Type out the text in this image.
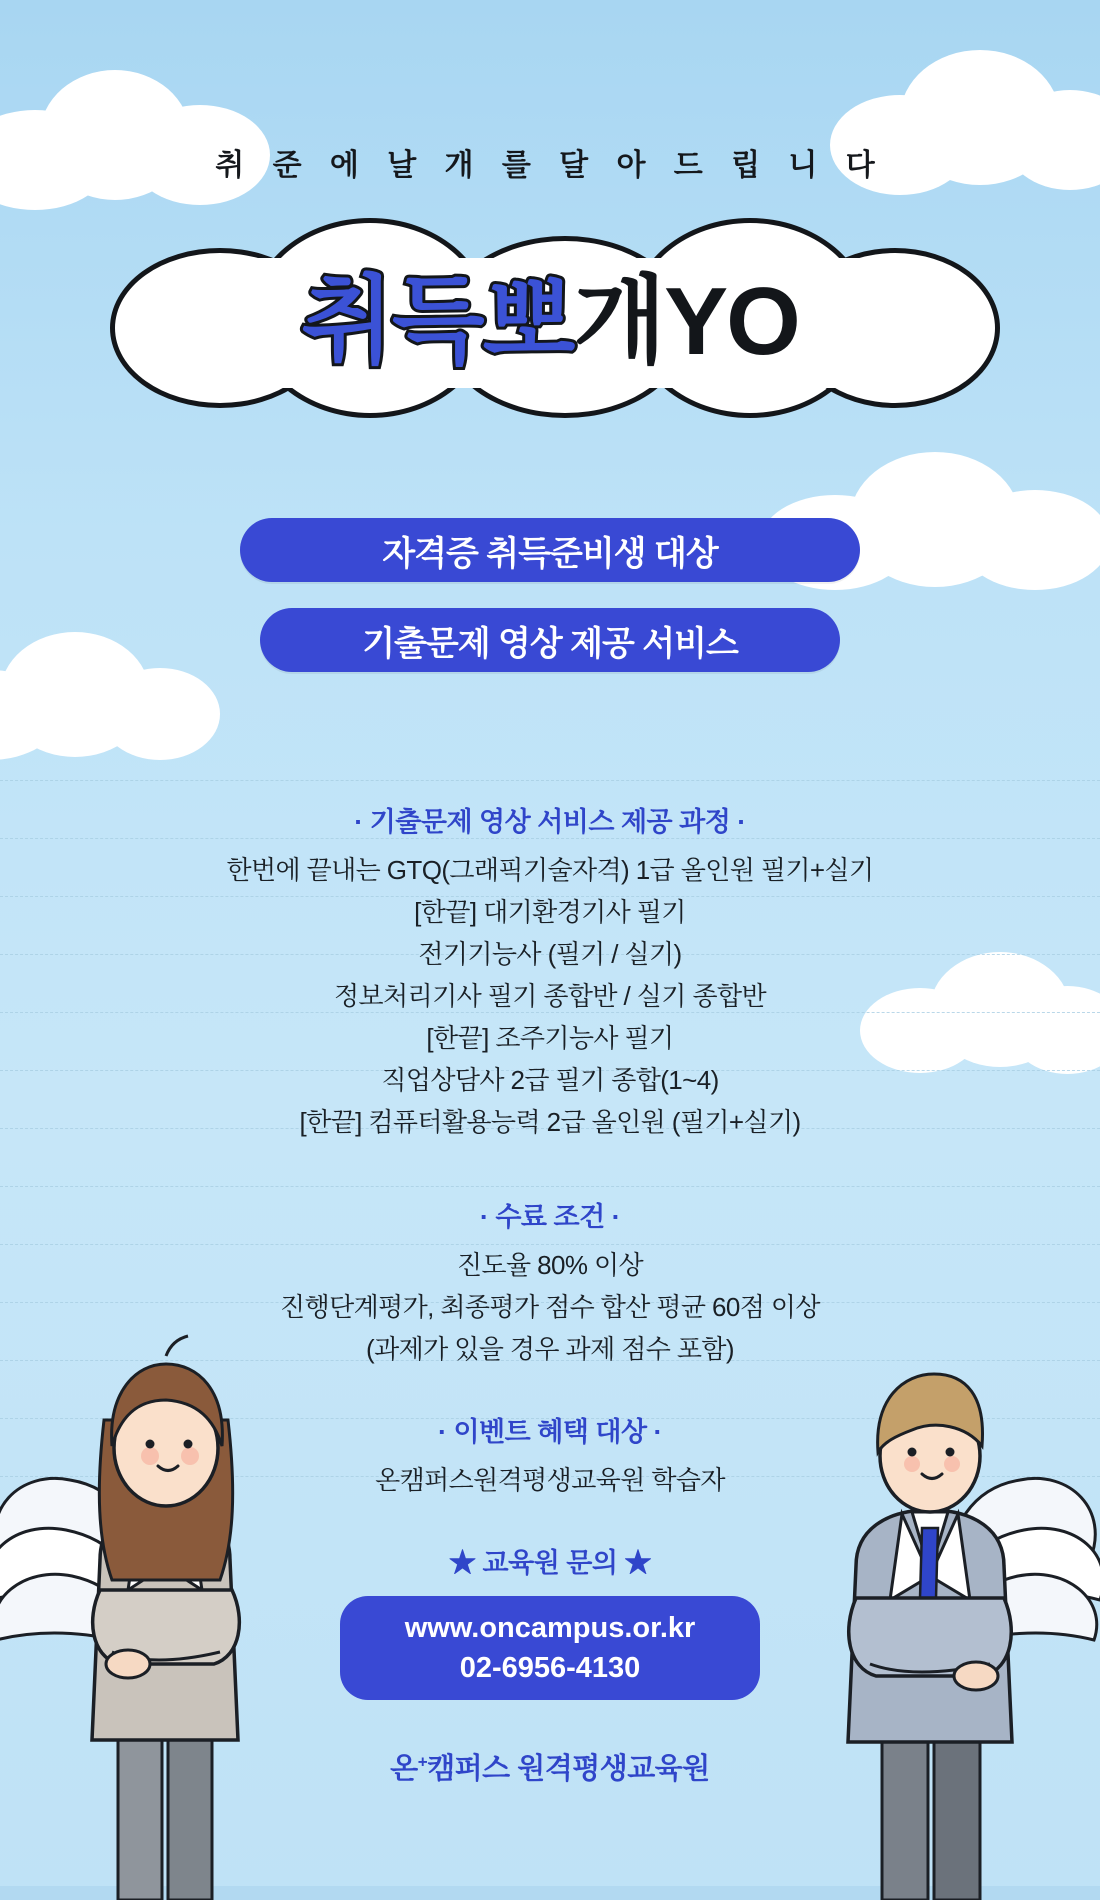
취 준 에 날 개 를 달 아 드 립 니 다
취득 뽀 개YO
자격증 취득준비생 대상
기출문제 영상 제공 서비스
· 기출문제 영상 서비스 제공 과정 ·
한번에 끝내는 GTQ(그래픽기술자격) 1급 올인원 필기+실기
[한끝] 대기환경기사 필기
전기기능사 (필기 / 실기)
정보처리기사 필기 종합반 / 실기 종합반
[한끝] 조주기능사 필기
직업상담사 2급 필기 종합(1~4)
[한끝] 컴퓨터활용능력 2급 올인원 (필기+실기)
· 수료 조건 ·
진도율 80% 이상
진행단계평가, 최종평가 점수 합산 평균 60점 이상
(과제가 있을 경우 과제 점수 포함)
· 이벤트 혜택 대상 ·
온캠퍼스원격평생교육원 학습자
★ 교육원 문의 ★
www.oncampus.or.kr
02-6956-4130
온+캠퍼스 원격평생교육원
